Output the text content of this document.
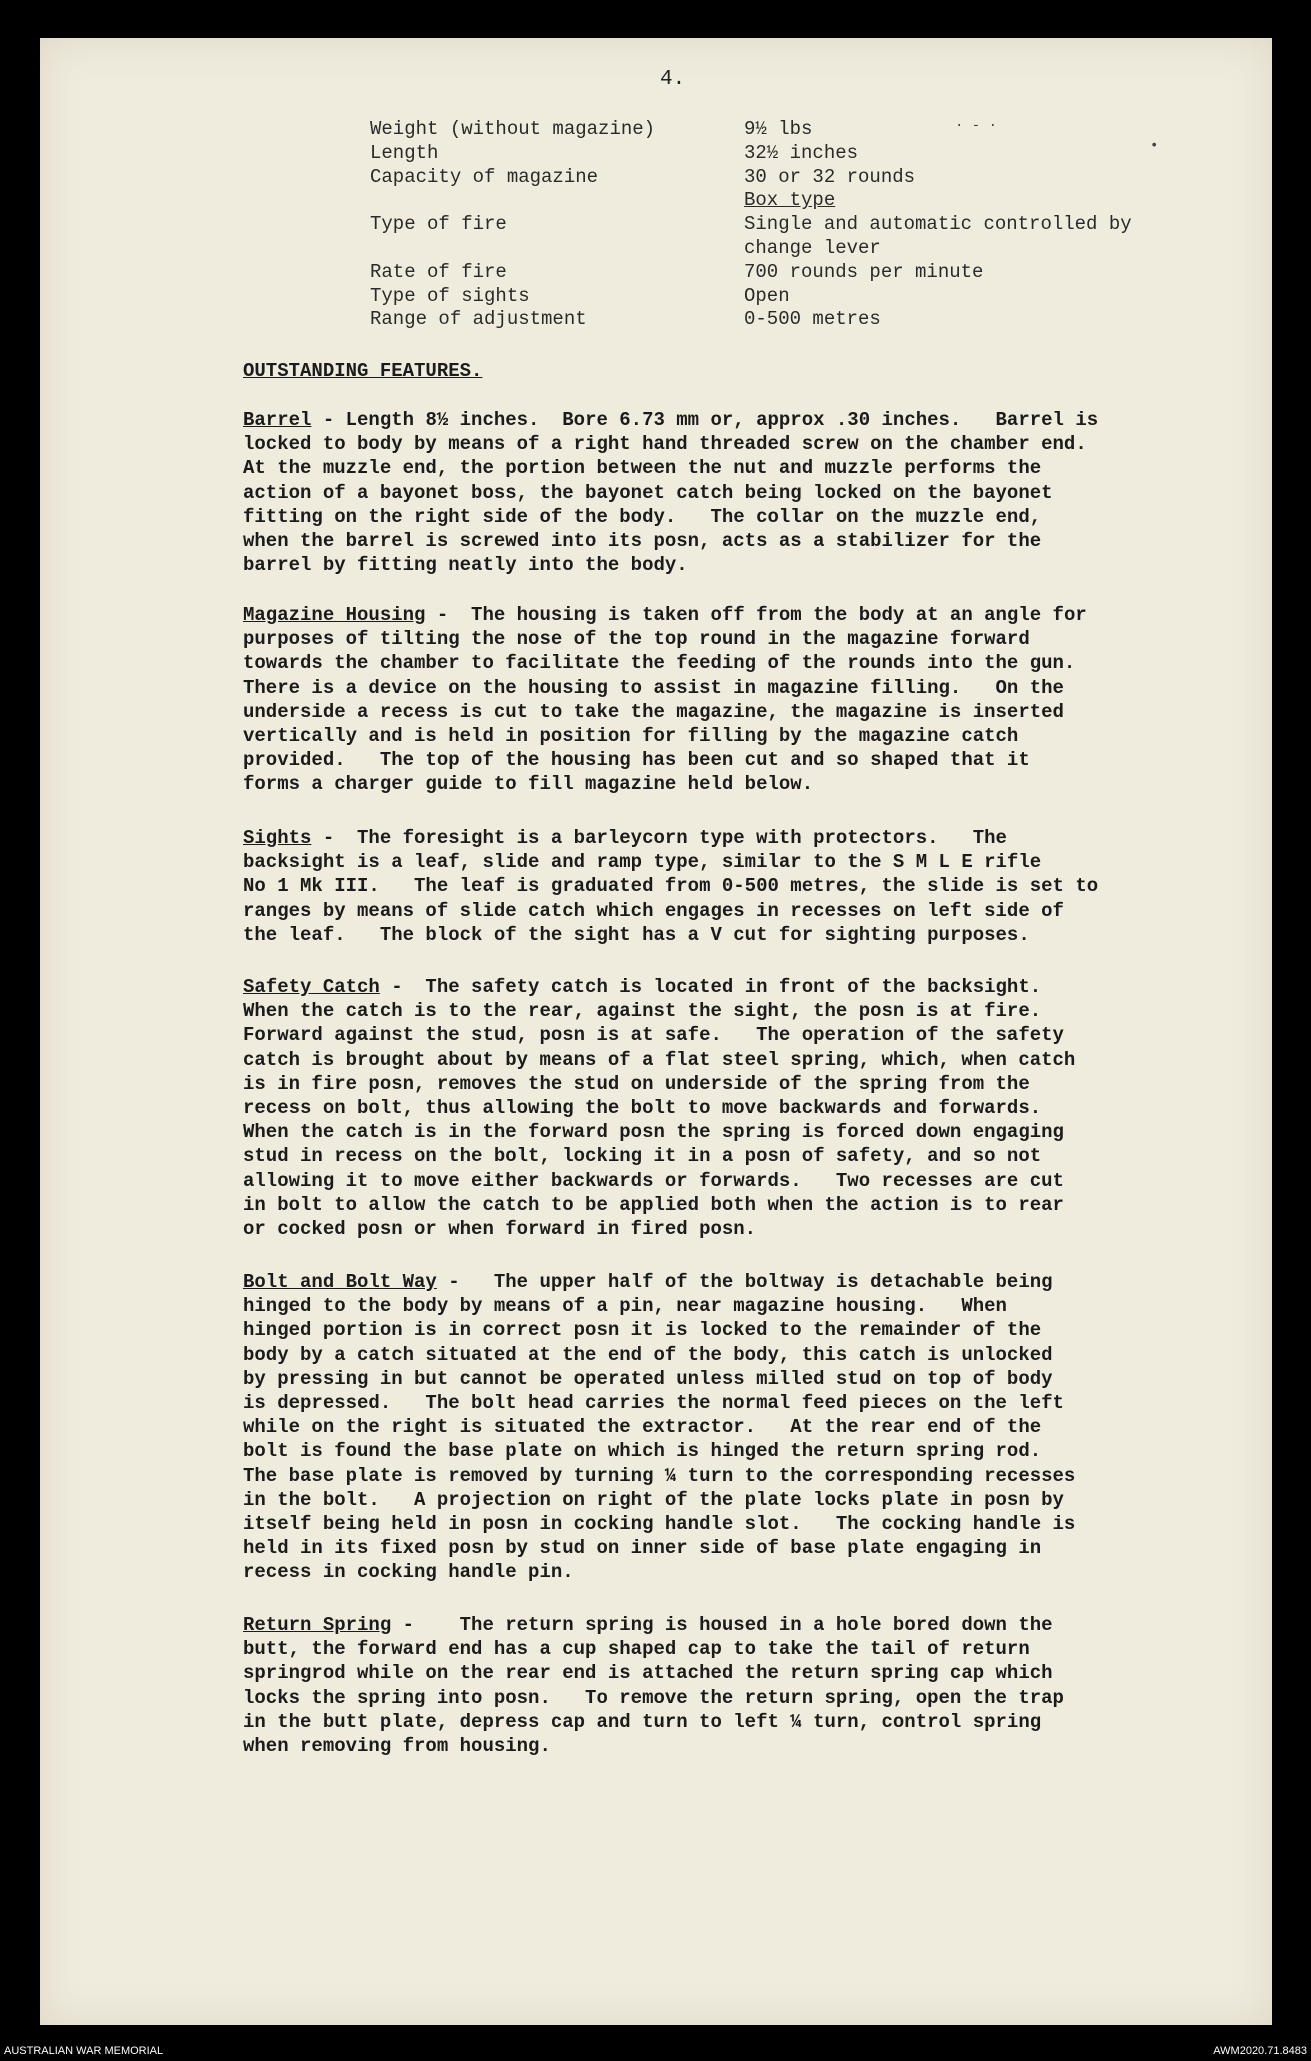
4.
Weight (without magazine)	9½ lbs
Length	32½ inches
Capacity of magazine	30 or 32 rounds
Box type
Type of fire	Single and automatic controlled by
change lever
Rate of fire	700 rounds per minute
Type of sights	Open
Range of adjustment	0-500 metres
OUTSTANDING FEATURES.
Barrel - Length 8½ inches.  Bore 6.73 mm or, approx .30 inches.   Barrel is
locked to body by means of a right hand threaded screw on the chamber end.
At the muzzle end, the portion between the nut and muzzle performs the
action of a bayonet boss, the bayonet catch being locked on the bayonet
fitting on the right side of the body.   The collar on the muzzle end,
when the barrel is screwed into its posn, acts as a stabilizer for the
barrel by fitting neatly into the body.
Magazine Housing -  The housing is taken off from the body at an angle for
purposes of tilting the nose of the top round in the magazine forward
towards the chamber to facilitate the feeding of the rounds into the gun.
There is a device on the housing to assist in magazine filling.   On the
underside a recess is cut to take the magazine, the magazine is inserted
vertically and is held in position for filling by the magazine catch
provided.   The top of the housing has been cut and so shaped that it
forms a charger guide to fill magazine held below.
Sights -  The foresight is a barleycorn type with protectors.   The
backsight is a leaf, slide and ramp type, similar to the S M L E rifle
No 1 Mk III.   The leaf is graduated from 0-500 metres, the slide is set to
ranges by means of slide catch which engages in recesses on left side of
the leaf.   The block of the sight has a V cut for sighting purposes.
Safety Catch -  The safety catch is located in front of the backsight.
When the catch is to the rear, against the sight, the posn is at fire.
Forward against the stud, posn is at safe.   The operation of the safety
catch is brought about by means of a flat steel spring, which, when catch
is in fire posn, removes the stud on underside of the spring from the
recess on bolt, thus allowing the bolt to move backwards and forwards.
When the catch is in the forward posn the spring is forced down engaging
stud in recess on the bolt, locking it in a posn of safety, and so not
allowing it to move either backwards or forwards.   Two recesses are cut
in bolt to allow the catch to be applied both when the action is to rear
or cocked posn or when forward in fired posn.
Bolt and Bolt Way -   The upper half of the boltway is detachable being
hinged to the body by means of a pin, near magazine housing.   When
hinged portion is in correct posn it is locked to the remainder of the
body by a catch situated at the end of the body, this catch is unlocked
by pressing in but cannot be operated unless milled stud on top of body
is depressed.   The bolt head carries the normal feed pieces on the left
while on the right is situated the extractor.   At the rear end of the
bolt is found the base plate on which is hinged the return spring rod.
The base plate is removed by turning ¼ turn to the corresponding recesses
in the bolt.   A projection on right of the plate locks plate in posn by
itself being held in posn in cocking handle slot.   The cocking handle is
held in its fixed posn by stud on inner side of base plate engaging in
recess in cocking handle pin.
Return Spring -    The return spring is housed in a hole bored down the
butt, the forward end has a cup shaped cap to take the tail of return
springrod while on the rear end is attached the return spring cap which
locks the spring into posn.   To remove the return spring, open the trap
in the butt plate, depress cap and turn to left ¼ turn, control spring
when removing from housing.
•
· - ·
AUSTRALIAN WAR MEMORIAL	AWM2020.71.8483
